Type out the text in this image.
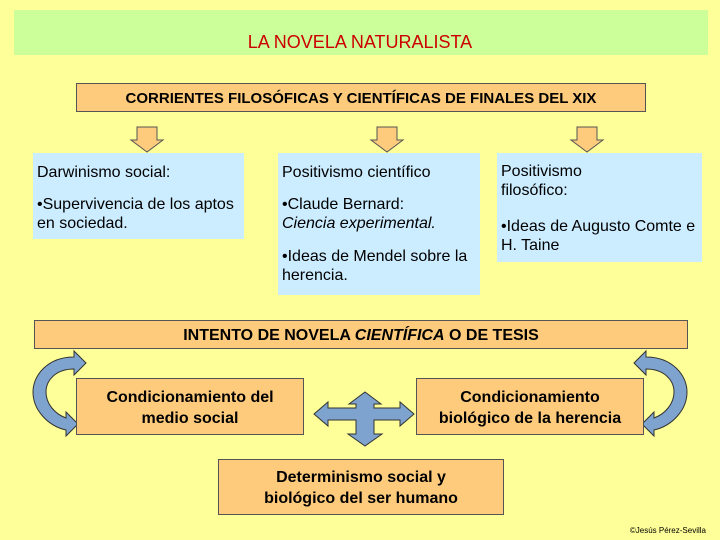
LA NOVELA NATURALISTA
CORRIENTES FILOSÓFICAS Y CIENTÍFICAS DE FINALES DEL XIX
Darwinismo social:
•Supervivencia de los aptos en sociedad.
Positivismo científico
•Claude Bernard:
Ciencia experimental.
•Ideas de Mendel sobre la herencia.
Positivismo filosófico:
•Ideas de Augusto Comte e H. Taine
INTENTO DE NOVELA CIENTÍFICA O DE TESIS
Condicionamiento del medio social
Condicionamiento biológico de la herencia
Determinismo social y biológico del ser humano
©Jesús Pérez-Sevilla
